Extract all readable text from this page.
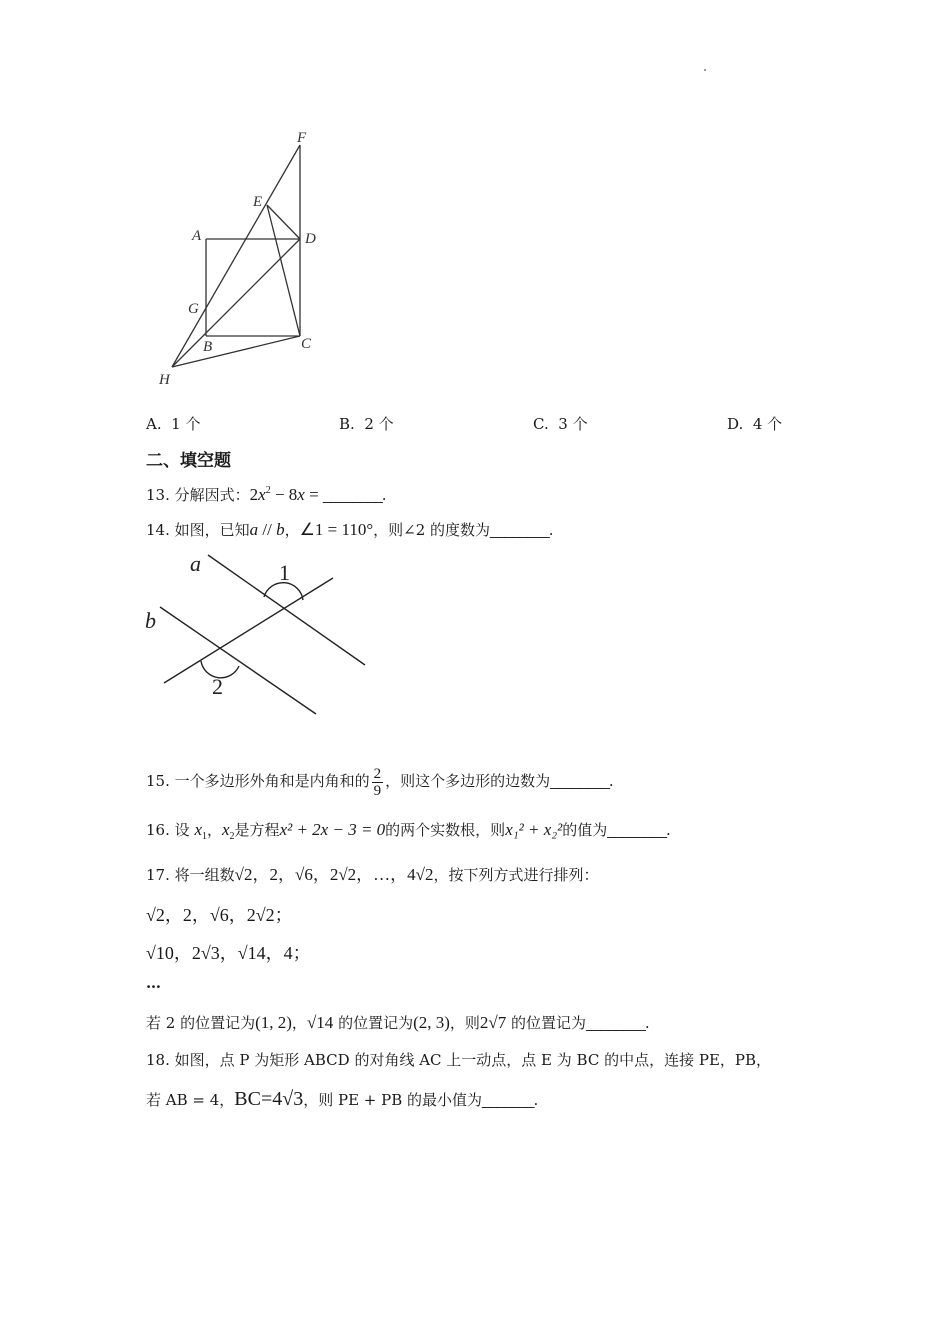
F
E
A	D
G
B	C
H
A. 1 个	B. 2 个	C. 3 个	D. 4 个
二、填空题
13. 分解因式：$2x^2 - 8x$ = ________.
14. 如图，已知a // b，∠1 = 110°，则∠2 的度数为________.
a
b
1
2
15. 一个多边形外角和是内角和的 $\frac{2}{9}$ ，则这个多边形的边数为________.
16. 设 $x_1$，$x_2$是方程x² + 2x − 3 = 0的两个实数根，则x₁² + x₂²的值为________.
17. 将一组数√2，2，√6，2√2，…，4√2，按下列方式进行排列：
√2，2，√6，2√2；
√10，2√3，√14，4；
…
若 2 的位置记为(1, 2)，√14 的位置记为(2, 3)，则2√7 的位置记为________.
18. 如图，点 P 为矩形 ABCD 的对角线 AC 上一动点，点 E 为 BC 的中点，连接 PE，PB，
若 AB = 4，BC=4√3，则 PE + PB 的最小值为_______.
